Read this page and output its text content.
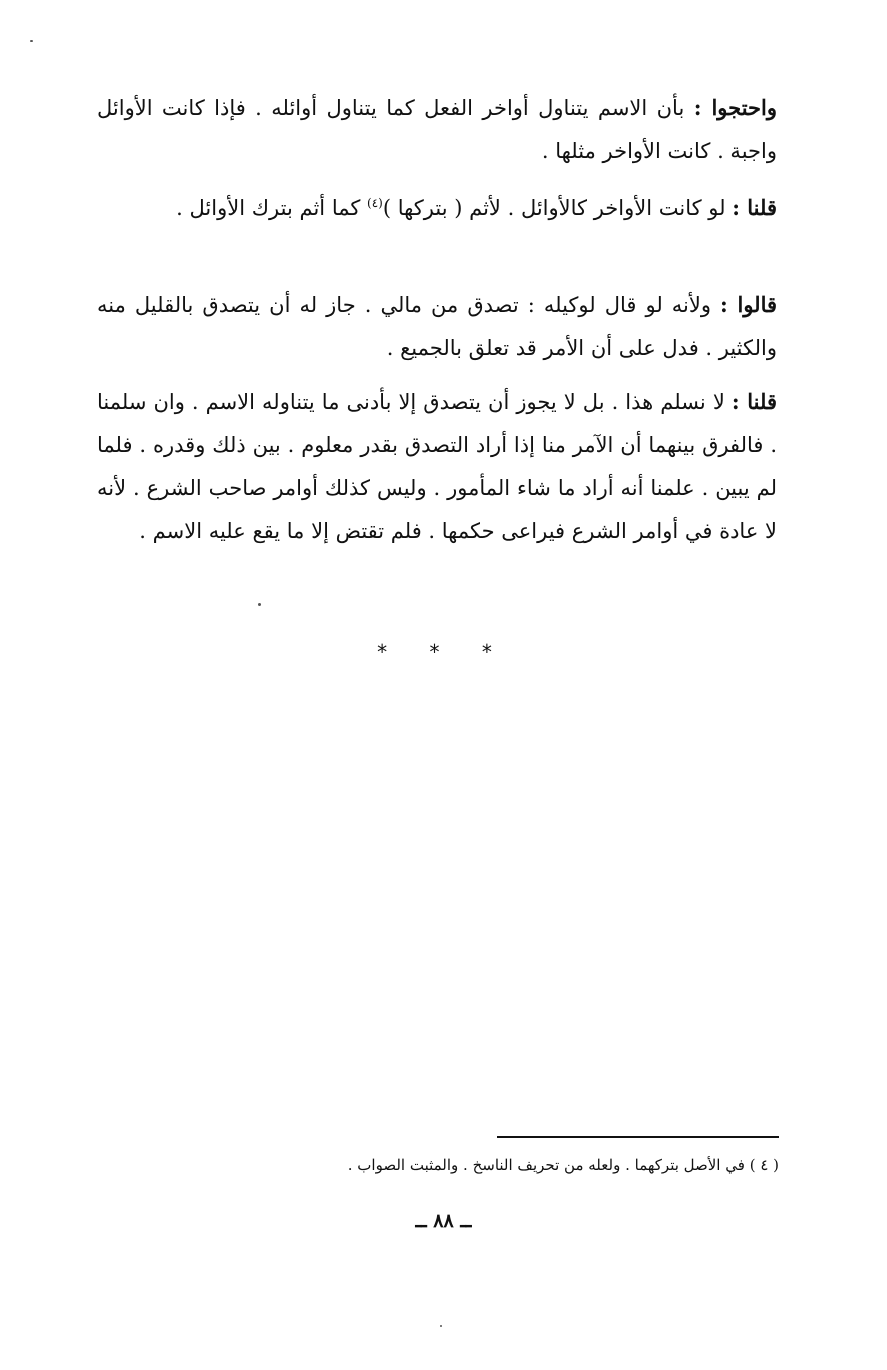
واحتجوا : بأن الاسم يتناول أواخر الفعل كما يتناول أوائله . فإذا كانت الأوائل واجبة . كانت الأواخر مثلها .

قلنا : لو كانت الأواخر كالأوائل . لأثم ( بتركها )$^{(٤)}$ كما أثم بترك الأوائل .

قالوا : ولأنه لو قال لوكيله : تصدق من مالي . جاز له أن يتصدق بالقليل منه والكثير . فدل على أن الأمر قد تعلق بالجميع .

قلنا : لا نسلم هذا . بل لا يجوز أن يتصدق إلا بأدنى ما يتناوله الاسم . وان سلمنا . فالفرق بينهما أن الآمر منا إذا أراد التصدق بقدر معلوم . بين ذلك وقدره . فلما لم يبين . علمنا أنه أراد ما شاء المأمور . وليس كذلك أوامر صاحب الشرع . لأنه لا عادة في أوامر الشرع فيراعى حكمها . فلم تقتض إلا ما يقع عليه الاسم .

* * *
( ٤ ) في الأصل بتركهما . ولعله من تحريف الناسخ . والمثبت الصواب .
ــ ٨٨ ــ
